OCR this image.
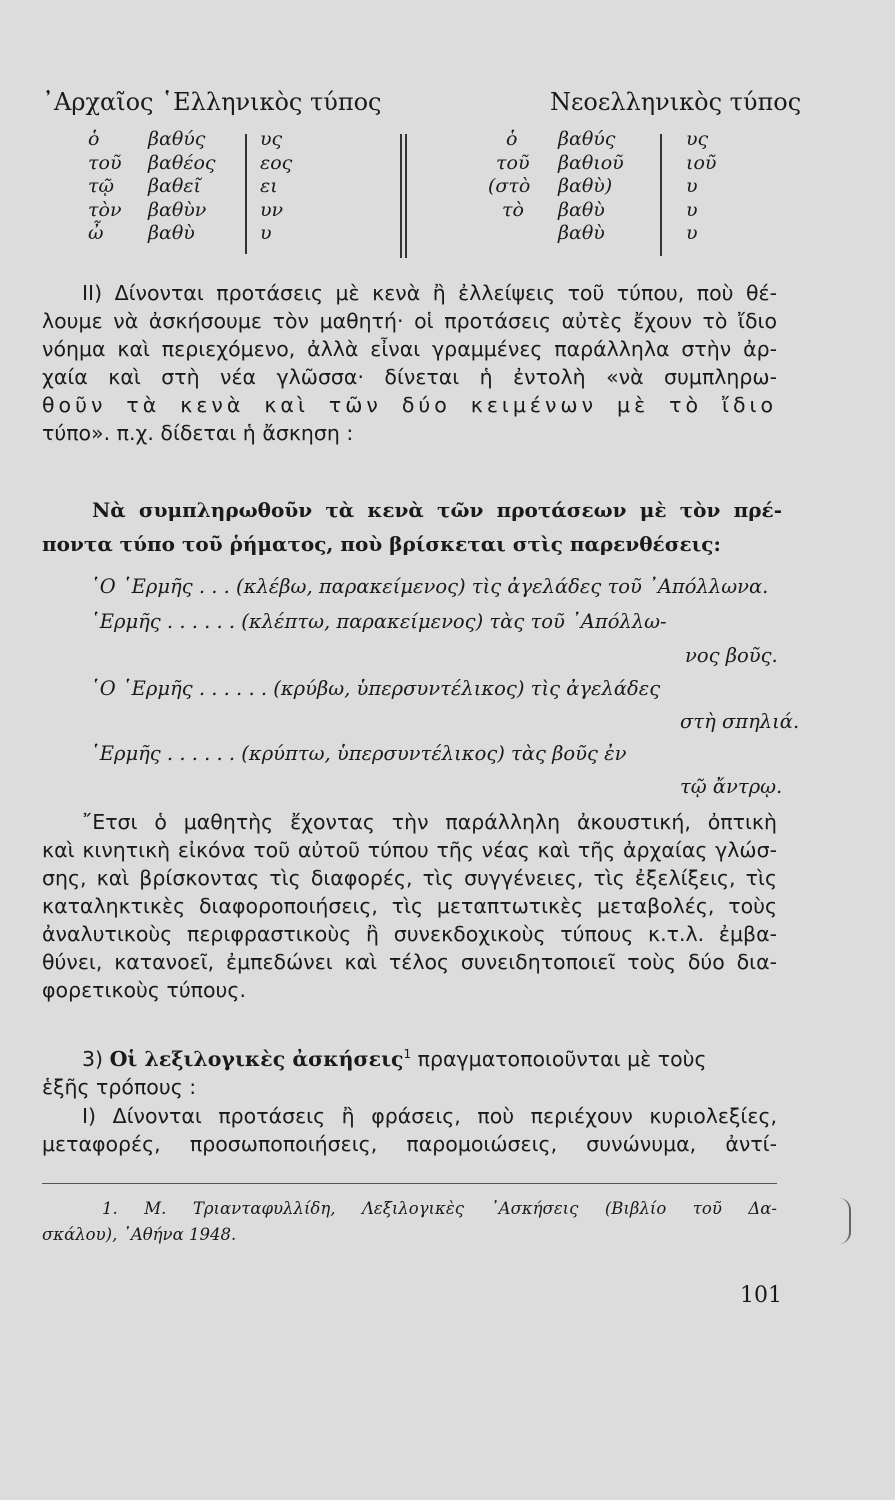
᾿Αρχαῖος ῾Ελληνικὸς τύπος	Νεοελληνικὸς τύπος
ὁ	βαθύς	υς
τοῦ βαθέος εος
τῷ βαθεῖ	ει
τὸν βαθὺν	υν
ὦ βαθὺ	υ
ὁ βαθύς	υς
τοῦ βαθιοῦ	ιοῦ
(στὸ βαθὺ)	υ
τὸ βαθὺ	υ
βαθὺ	υ
ΙΙ) Δίνονται προτάσεις μὲ κενὰ ἢ ἐλλείψεις τοῦ τύπου, ποὺ θέ-
λουμε νὰ ἀσκήσουμε τὸν μαθητή· οἱ προτάσεις αὐτὲς ἔχουν τὸ ἴδιο
νόημα καὶ περιεχόμενο, ἀλλὰ εἶναι γραμμένες παράλληλα στὴν ἀρ-
χαία καὶ στὴ νέα γλῶσσα· δίνεται ἡ ἐντολὴ «νὰ συμπληρω-
θοῦν τὰ κενὰ καὶ τῶν δύο κειμένων μὲ τὸ ἴδιο
τύπο». π.χ. δίδεται ἡ ἄσκηση :
Νὰ συμπληρωθοῦν τὰ κενὰ τῶν προτάσεων μὲ τὸν πρέ-
ποντα τύπο τοῦ ῥήματος, ποὺ βρίσκεται στὶς παρενθέσεις:
῾Ο ῾Ερμῆς . . . (κλέβω, παρακείμενος) τὶς ἀγελάδες τοῦ ᾿Απόλλωνα.
῾Ερμῆς . . . . . . (κλέπτω, παρακείμενος) τὰς τοῦ ᾿Απόλλω-
νος βοῦς.
῾Ο ῾Ερμῆς . . . . . . (κρύβω, ὑπερσυντέλικος) τὶς ἀγελάδες
στὴ σπηλιά.
῾Ερμῆς . . . . . . (κρύπτω, ὑπερσυντέλικος) τὰς βοῦς ἐν
τῷ ἄντρῳ.
῎Ετσι ὁ μαθητὴς ἔχοντας τὴν παράλληλη ἀκουστική, ὀπτικὴ
καὶ κινητικὴ εἰκόνα τοῦ αὐτοῦ τύπου τῆς νέας καὶ τῆς ἀρχαίας γλώσ-
σης, καὶ βρίσκοντας τὶς διαφορές, τὶς συγγένειες, τὶς ἐξελίξεις, τὶς
καταληκτικὲς διαφοροποιήσεις, τὶς μεταπτωτικὲς μεταβολές, τοὺς
ἀναλυτικοὺς περιφραστικοὺς ἢ συνεκδοχικοὺς τύπους κ.τ.λ. ἐμβα-
θύνει, κατανοεῖ, ἐμπεδώνει καὶ τέλος συνειδητοποιεῖ τοὺς δύο δια-
φορετικοὺς τύπους.
3) Οἱ λεξιλογικὲς ἀσκήσεις$^1$ πραγματοποιοῦνται μὲ τοὺς
ἑξῆς τρόπους :
Ι) Δίνονται προτάσεις ἢ φράσεις, ποὺ περιέχουν κυριολεξίες,
μεταφορές, προσωποποιήσεις, παρομοιώσεις, συνώνυμα, ἀντί-
1. Μ. Τριανταφυλλίδη, Λεξιλογικὲς ᾿Ασκήσεις (Βιβλίο τοῦ Δα-
σκάλου), ᾿Αθήνα 1948.
101
